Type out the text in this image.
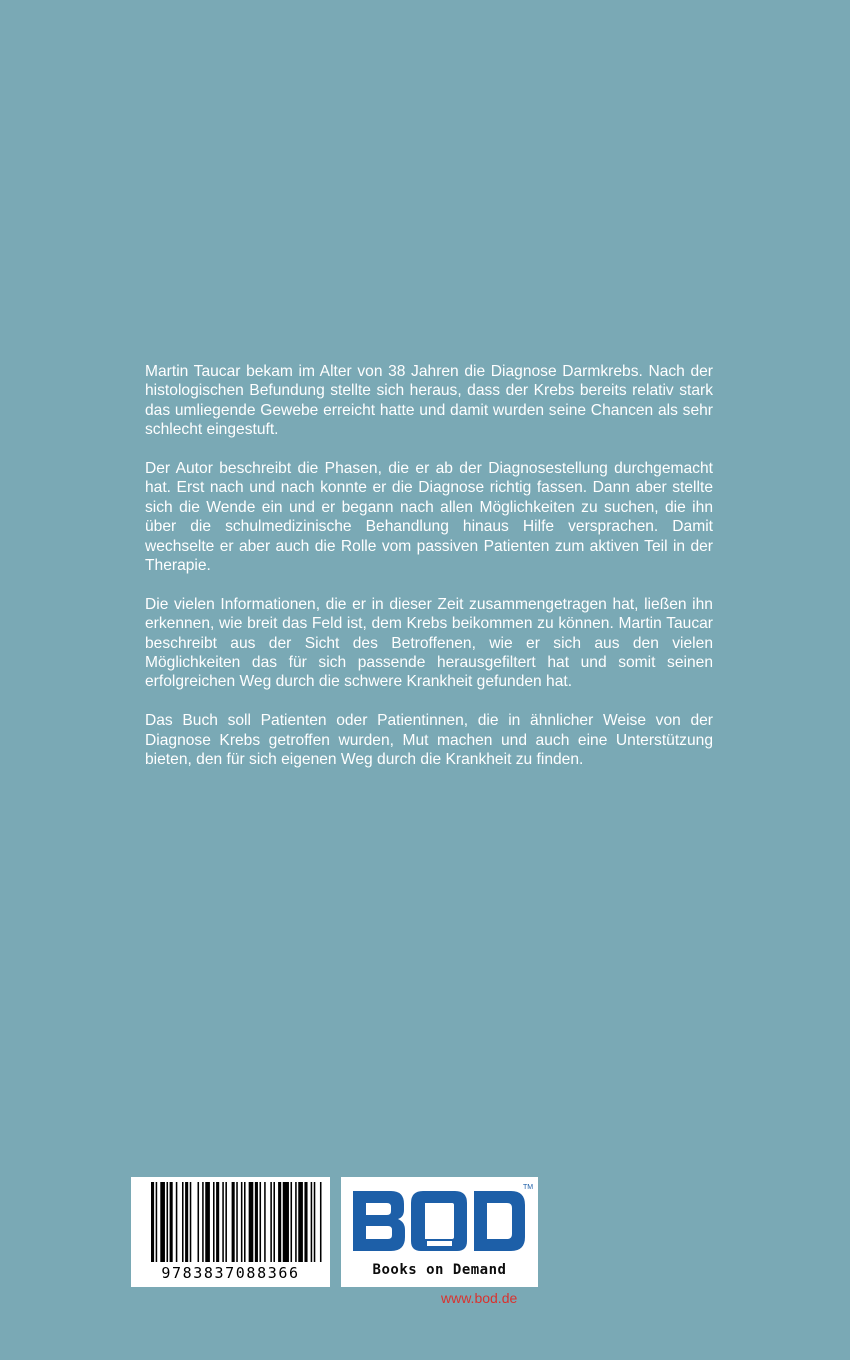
Martin Taucar bekam im Alter von 38 Jahren die Diagnose Darmkrebs. Nach der histologischen Befundung stellte sich heraus, dass der Krebs bereits relativ stark das umliegende Gewebe erreicht hatte und damit wurden seine Chancen als sehr schlecht eingestuft.

Der Autor beschreibt die Phasen, die er ab der Diagnosestellung durchgemacht hat. Erst nach und nach konnte er die Diagnose richtig fassen. Dann aber stellte sich die Wende ein und er begann nach allen Möglichkeiten zu suchen, die ihn über die schulmedizinische Behandlung hinaus Hilfe versprachen. Damit wechselte er aber auch die Rolle vom passiven Patienten zum aktiven Teil in der Therapie.

Die vielen Informationen, die er in dieser Zeit zusammengetragen hat, ließen ihn erkennen, wie breit das Feld ist, dem Krebs beikommen zu können. Martin Taucar beschreibt aus der Sicht des Betroffenen, wie er sich aus den vielen Möglichkeiten das für sich passende herausgefiltert hat und somit seinen erfolgreichen Weg durch die schwere Krankheit gefunden hat.

Das Buch soll Patienten oder Patientinnen, die in ähnlicher Weise von der Diagnose Krebs getroffen wurden, Mut machen und auch eine Unterstützung bieten, den für sich eigenen Weg durch die Krankheit zu finden.

9783837088366
TM
Books on Demand
www.bod.de
